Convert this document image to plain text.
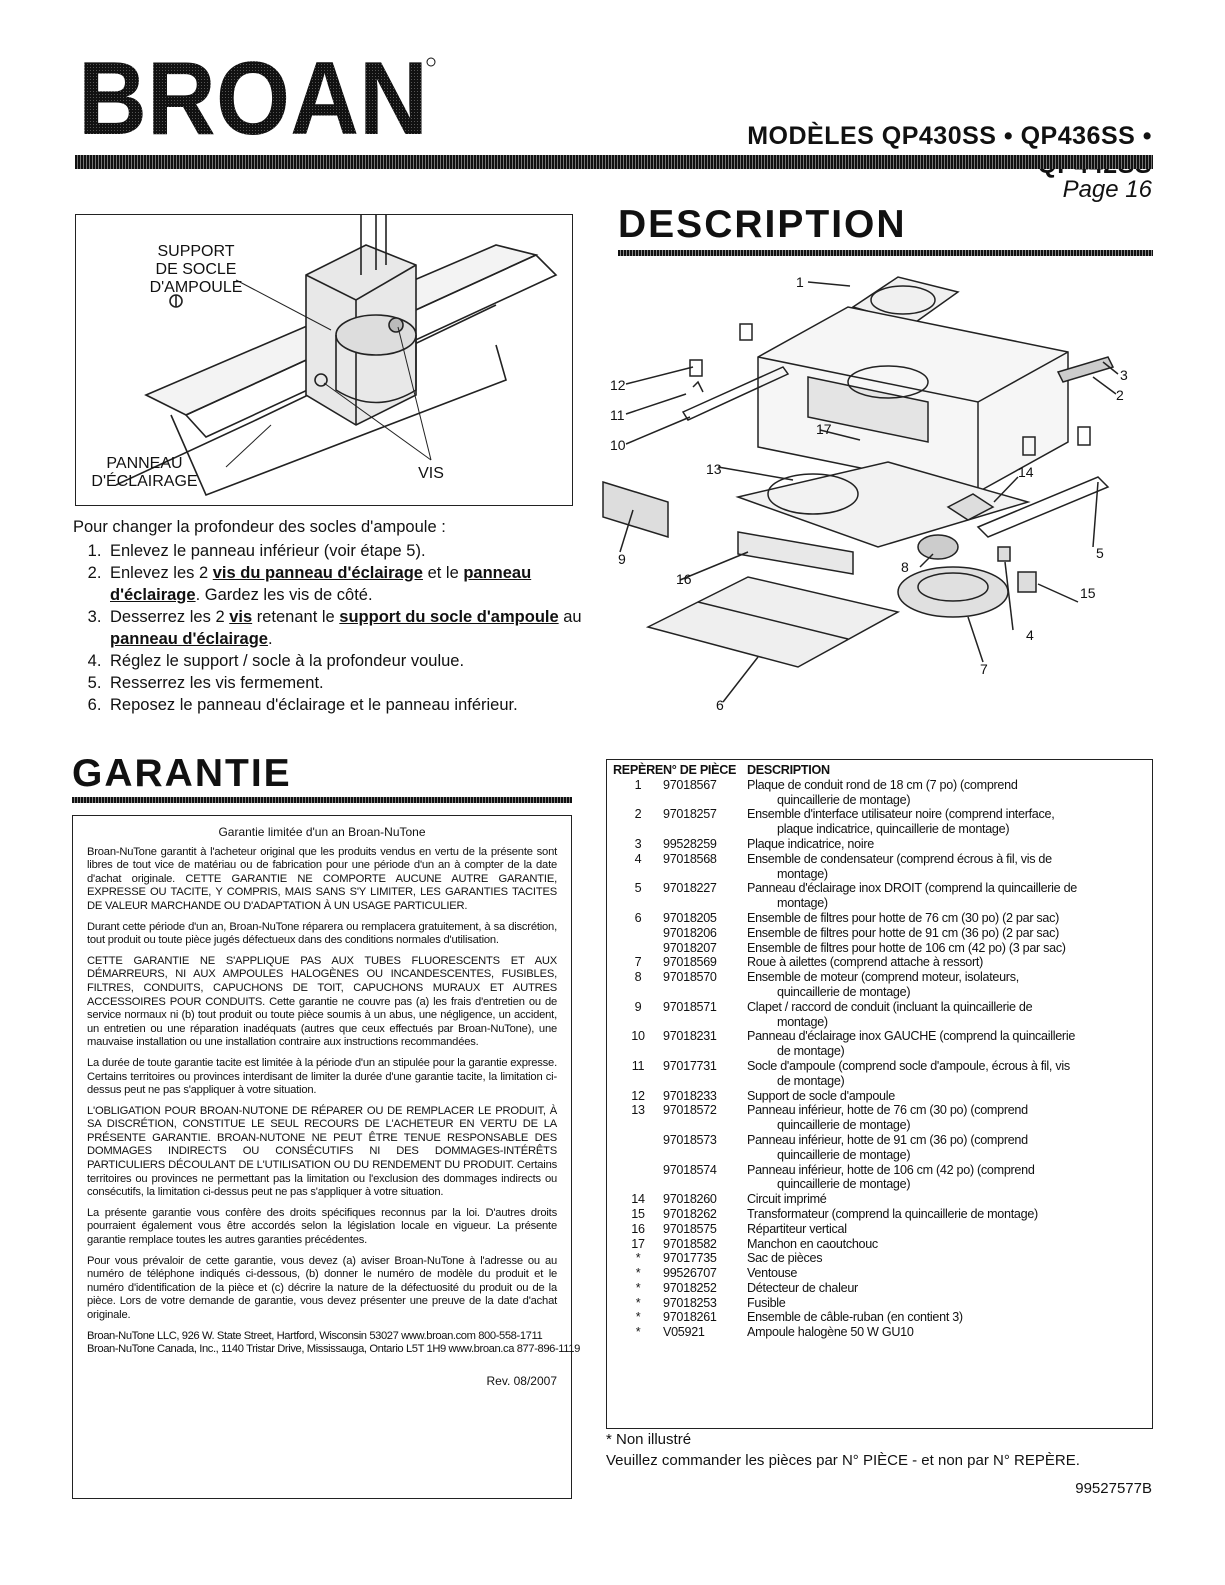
BROAN	MODÈLES QP430SS • QP436SS •
Page 16
SUPPORT
DE SOCLE
D'AMPOULE
PANNEAU
D'ÉCLAIRAGE	VIS
Pour changer la profondeur des socles d'ampoule :
1. Enlevez le panneau inférieur (voir étape 5).
2. Enlevez les 2 vis du panneau d'éclairage et le panneau d'éclairage. Gardez les vis de côté.
3. Desserrez les 2 vis retenant le support du socle d'ampoule au panneau d'éclairage.
4. Réglez le support / socle à la profondeur voulue.
5. Resserrez les vis fermement.
6. Reposez le panneau d'éclairage et le panneau inférieur.
DESCRIPTION
1
2
3
4
5
6
7
8
9
10
11
12
13	14
15
16
17
GARANTIE
Garantie limitée d'un an Broan-NuTone

Broan-NuTone garantit à l'acheteur original que les produits vendus en vertu de la présente sont libres de tout vice de matériau ou de fabrication pour une période d'un an à compter de la date d'achat originale. CETTE GARANTIE NE COMPORTE AUCUNE AUTRE GARANTIE, EXPRESSE OU TACITE, Y COMPRIS, MAIS SANS S'Y LIMITER, LES GARANTIES TACITES DE VALEUR MARCHANDE OU D'ADAPTATION À UN USAGE PARTICULIER.

Durant cette période d'un an, Broan-NuTone réparera ou remplacera gratuitement, à sa discrétion, tout produit ou toute pièce jugés défectueux dans des conditions normales d'utilisation.

CETTE GARANTIE NE S'APPLIQUE PAS AUX TUBES FLUORESCENTS ET AUX DÉMARREURS, NI AUX AMPOULES HALOGÈNES OU INCANDESCENTES, FUSIBLES, FILTRES, CONDUITS, CAPUCHONS DE TOIT, CAPUCHONS MURAUX ET AUTRES ACCESSOIRES POUR CONDUITS. Cette garantie ne couvre pas (a) les frais d'entretien ou de service normaux ni (b) tout produit ou toute pièce soumis à un abus, une négligence, un accident, un entretien ou une réparation inadéquats (autres que ceux effectués par Broan-NuTone), une mauvaise installation ou une installation contraire aux instructions recommandées.

La durée de toute garantie tacite est limitée à la période d'un an stipulée pour la garantie expresse. Certains territoires ou provinces interdisant de limiter la durée d'une garantie tacite, la limitation ci-dessus peut ne pas s'appliquer à votre situation.

L'OBLIGATION POUR BROAN-NUTONE DE RÉPARER OU DE REMPLACER LE PRODUIT, À SA DISCRÉTION, CONSTITUE LE SEUL RECOURS DE L'ACHETEUR EN VERTU DE LA PRÉSENTE GARANTIE. BROAN-NUTONE NE PEUT ÊTRE TENUE RESPONSABLE DES DOMMAGES INDIRECTS OU CONSÉCUTIFS NI DES DOMMAGES-INTÉRÊTS PARTICULIERS DÉCOULANT DE L'UTILISATION OU DU RENDEMENT DU PRODUIT. Certains territoires ou provinces ne permettant pas la limitation ou l'exclusion des dommages indirects ou consécutifs, la limitation ci-dessus peut ne pas s'appliquer à votre situation.

La présente garantie vous confère des droits spécifiques reconnus par la loi. D'autres droits pourraient également vous être accordés selon la législation locale en vigueur. La présente garantie remplace toutes les autres garanties précédentes.

Pour vous prévaloir de cette garantie, vous devez (a) aviser Broan-NuTone à l'adresse ou au numéro de téléphone indiqués ci-dessous, (b) donner le numéro de modèle du produit et le numéro d'identification de la pièce et (c) décrire la nature de la défectuosité du produit ou de la pièce. Lors de votre demande de garantie, vous devez présenter une preuve de la date d'achat originale.

Broan-NuTone LLC, 926 W. State Street, Hartford, Wisconsin 53027 www.broan.com 800-558-1711
Broan-NuTone Canada, Inc., 1140 Tristar Drive, Mississauga, Ontario L5T 1H9 www.broan.ca 877-896-1119
Rev. 08/2007
REPÈRE	N° DE PIÈCE	DESCRIPTION
1	97018567	Plaque de conduit rond de 18 cm (7 po) (comprend
quincaillerie de montage)

2	97018257	Ensemble d'interface utilisateur noire (comprend interface,
plaque indicatrice, quincaillerie de montage)

3	99528259	Plaque indicatrice, noire
4	97018568	Ensemble de condensateur (comprend écrous à fil, vis de
montage)

5	97018227	Panneau d'éclairage inox DROIT (comprend la quincaillerie de
montage)

6	97018205	Ensemble de filtres pour hotte de 76 cm (30 po) (2 par sac)
	97018206	Ensemble de filtres pour hotte de 91 cm (36 po) (2 par sac)
	97018207	Ensemble de filtres pour hotte de 106 cm (42 po) (3 par sac)
7	97018569	Roue à ailettes (comprend attache à ressort)
8	97018570	Ensemble de moteur (comprend moteur, isolateurs,
quincaillerie de montage)

9	97018571	Clapet / raccord de conduit (incluant la quincaillerie de
montage)

10	97018231	Panneau d'éclairage inox GAUCHE (comprend la quincaillerie
de montage)

11	97017731	Socle d'ampoule (comprend socle d'ampoule, écrous à fil, vis
de montage)

12	97018233	Support de socle d'ampoule
13	97018572	Panneau inférieur, hotte de 76 cm (30 po) (comprend
quincaillerie de montage)

	97018573	Panneau inférieur, hotte de 91 cm (36 po) (comprend
quincaillerie de montage)

	97018574	Panneau inférieur, hotte de 106 cm (42 po) (comprend
quincaillerie de montage)

14	97018260	Circuit imprimé
15	97018262	Transformateur (comprend la quincaillerie de montage)
16	97018575	Répartiteur vertical
17	97018582	Manchon en caoutchouc
*	97017735	Sac de pièces
*	99526707	Ventouse
*	97018252	Détecteur de chaleur
*	97018253	Fusible
*	97018261	Ensemble de câble-ruban (en contient 3)
*	V05921	Ampoule halogène 50 W GU10
* Non illustré
Veuillez commander les pièces par N° PIÈCE - et non par N° REPÈRE.
99527577B
